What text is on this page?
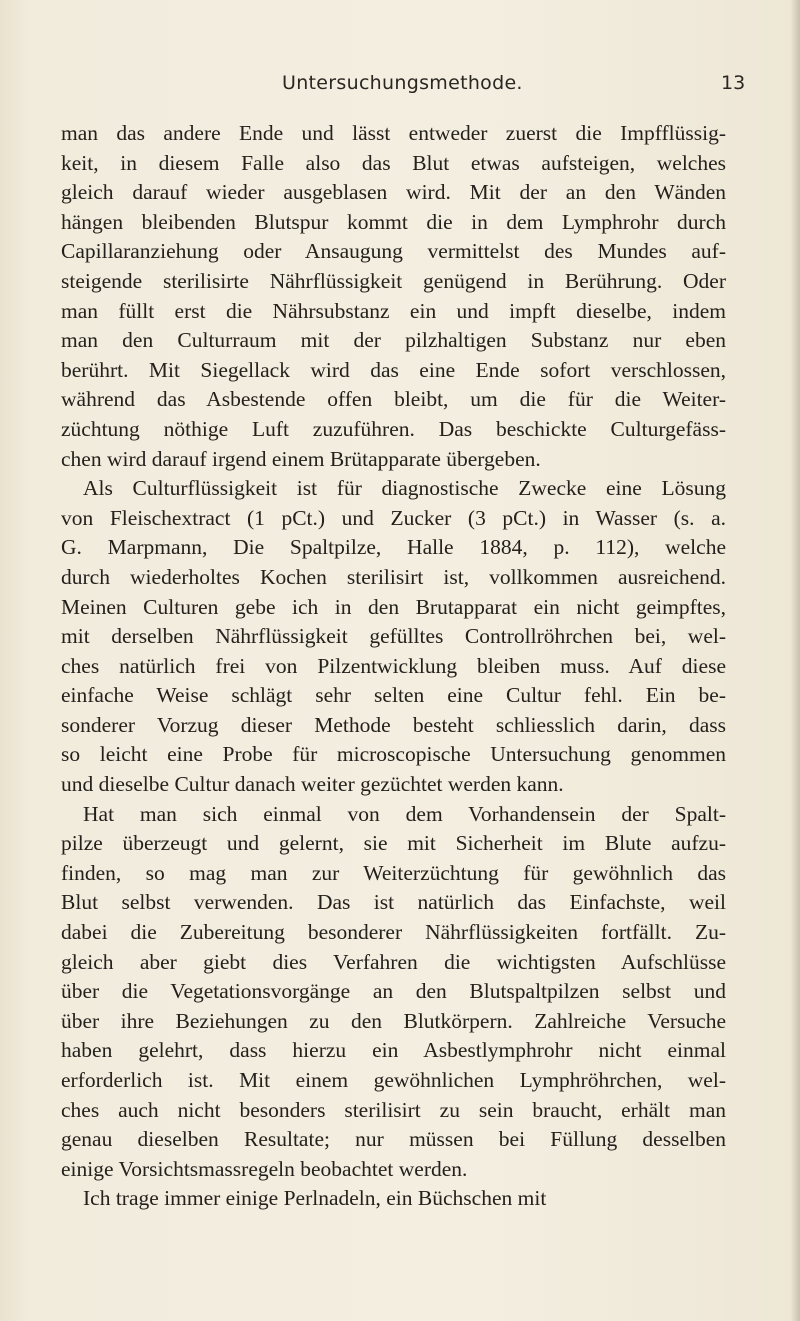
Untersuchungsmethode.	13
man das andere Ende und lässt entweder zuerst die Impfflüssig-
keit, in diesem Falle also das Blut etwas aufsteigen, welches
gleich darauf wieder ausgeblasen wird. Mit der an den Wänden
hängen bleibenden Blutspur kommt die in dem Lymphrohr durch
Capillaranziehung oder Ansaugung vermittelst des Mundes auf-
steigende sterilisirte Nährflüssigkeit genügend in Berührung. Oder
man füllt erst die Nährsubstanz ein und impft dieselbe, indem
man den Culturraum mit der pilzhaltigen Substanz nur eben
berührt. Mit Siegellack wird das eine Ende sofort verschlossen,
während das Asbestende offen bleibt, um die für die Weiter-
züchtung nöthige Luft zuzuführen. Das beschickte Culturgefäss-
chen wird darauf irgend einem Brütapparate übergeben.
Als Culturflüssigkeit ist für diagnostische Zwecke eine Lösung
von Fleischextract (1 pCt.) und Zucker (3 pCt.) in Wasser (s. a.
G. Marpmann, Die Spaltpilze, Halle 1884, p. 112), welche
durch wiederholtes Kochen sterilisirt ist, vollkommen ausreichend.
Meinen Culturen gebe ich in den Brutapparat ein nicht geimpftes,
mit derselben Nährflüssigkeit gefülltes Controllröhrchen bei, wel-
ches natürlich frei von Pilzentwicklung bleiben muss. Auf diese
einfache Weise schlägt sehr selten eine Cultur fehl. Ein be-
sonderer Vorzug dieser Methode besteht schliesslich darin, dass
so leicht eine Probe für microscopische Untersuchung genommen
und dieselbe Cultur danach weiter gezüchtet werden kann.
Hat man sich einmal von dem Vorhandensein der Spalt-
pilze überzeugt und gelernt, sie mit Sicherheit im Blute aufzu-
finden, so mag man zur Weiterzüchtung für gewöhnlich das
Blut selbst verwenden. Das ist natürlich das Einfachste, weil
dabei die Zubereitung besonderer Nährflüssigkeiten fortfällt. Zu-
gleich aber giebt dies Verfahren die wichtigsten Aufschlüsse
über die Vegetationsvorgänge an den Blutspaltpilzen selbst und
über ihre Beziehungen zu den Blutkörpern. Zahlreiche Versuche
haben gelehrt, dass hierzu ein Asbestlymphrohr nicht einmal
erforderlich ist. Mit einem gewöhnlichen Lymphröhrchen, wel-
ches auch nicht besonders sterilisirt zu sein braucht, erhält man
genau dieselben Resultate; nur müssen bei Füllung desselben
einige Vorsichtsmassregeln beobachtet werden.
Ich trage immer einige Perlnadeln, ein Büchschen mit
